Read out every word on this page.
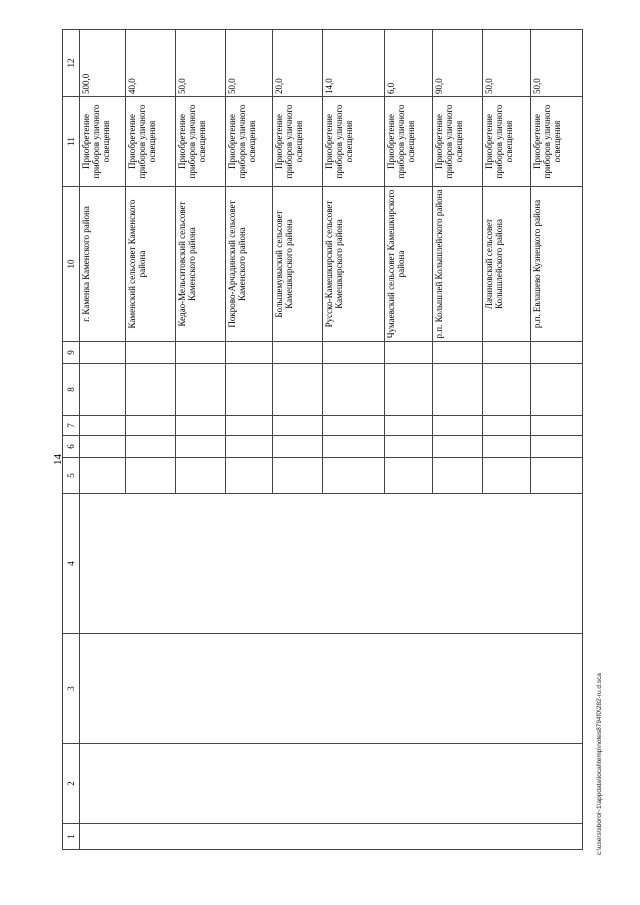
14
1	2	3	4	5	6	7	8	9	10	11	12
									г. Каменка Каменского района	Приобретение приборов уличного освещения	500,0
									Каменский сельсовет Каменского района	Приобретение приборов уличного освещения	40,0
									Кедао-Мельситовский сельсовет Каменского района	Приобретение приборов уличного освещения	50,0
									Покрово-Арчадинский сельсовет Каменского района	Приобретение приборов уличного освещения	50,0
									Большемувыский сельсовет Камешкирского района	Приобретение приборов уличного освещения	20,0
									Русско-Камешкирский сельсовет Камешкирского района	Приобретение приборов уличного освещения	14,0
									Чумаевский сельсовет Камешкирского района	Приобретение приборов уличного освещения	6,0
									р.п. Колышлей Колышлейского района	Приобретение приборов уличного освещения	90,0
									Лачиновский сельсовет Колышлейского района	Приобретение приборов уличного освещения	50,0
									р.п. Евлашево Кузнецкого района	Приобретение приборов уличного освещения	50,0
c:\users\sborol~1\appdata\local\temp\notes8794f0\282-ru.d.sca
